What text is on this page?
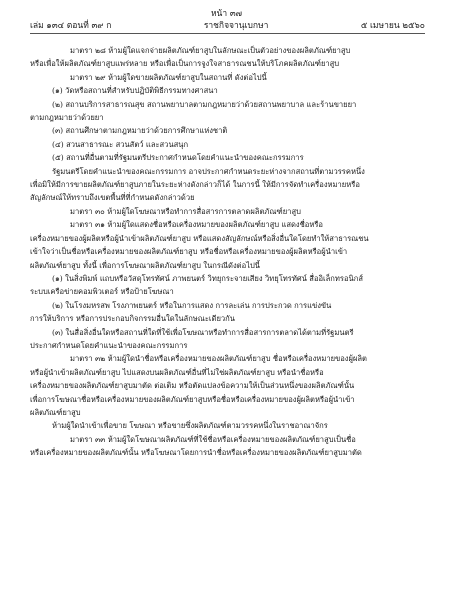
หน้า ๓๗
เล่ม ๑๓๔ ตอนที่ ๓๙ ก	ราชกิจจานุเบกษา	๕ เมษายน ๒๕๖๐
มาตรา ๒๘ ห้ามผู้ใดแจกจ่ายผลิตภัณฑ์ยาสูบในลักษณะเป็นตัวอย่างของผลิตภัณฑ์ยาสูบ
หรือเพื่อให้ผลิตภัณฑ์ยาสูบแพร่หลาย หรือเพื่อเป็นการจูงใจสาธารณชนให้บริโภคผลิตภัณฑ์ยาสูบ
มาตรา ๒๙ ห้ามผู้ใดขายผลิตภัณฑ์ยาสูบในสถานที่ ดังต่อไปนี้
(๑) วัดหรือสถานที่สำหรับปฏิบัติพิธีกรรมทางศาสนา
(๒) สถานบริการสาธารณสุข สถานพยาบาลตามกฎหมายว่าด้วยสถานพยาบาล และร้านขายยา
ตามกฎหมายว่าด้วยยา
(๓) สถานศึกษาตามกฎหมายว่าด้วยการศึกษาแห่งชาติ
(๔) สวนสาธารณะ สวนสัตว์ และสวนสนุก
(๕) สถานที่อื่นตามที่รัฐมนตรีประกาศกำหนดโดยคำแนะนำของคณะกรรมการ
รัฐมนตรีโดยคำแนะนำของคณะกรรมการ อาจประกาศกำหนดระยะห่างจากสถานที่ตามวรรคหนึ่ง
เพื่อมิให้มีการขายผลิตภัณฑ์ยาสูบภายในระยะห่างดังกล่าวก็ได้ ในการนี้ ให้มีการจัดทำเครื่องหมายหรือ
สัญลักษณ์ให้ทราบถึงเขตพื้นที่ที่กำหนดดังกล่าวด้วย
มาตรา ๓๐ ห้ามผู้ใดโฆษณาหรือทำการสื่อสารการตลาดผลิตภัณฑ์ยาสูบ
มาตรา ๓๑ ห้ามผู้ใดแสดงชื่อหรือเครื่องหมายของผลิตภัณฑ์ยาสูบ แสดงชื่อหรือ
เครื่องหมายของผู้ผลิตหรือผู้นำเข้าผลิตภัณฑ์ยาสูบ หรือแสดงสัญลักษณ์หรือสิ่งอื่นใดโดยทำให้สาธารณชน
เข้าใจว่าเป็นชื่อหรือเครื่องหมายของผลิตภัณฑ์ยาสูบ หรือชื่อหรือเครื่องหมายของผู้ผลิตหรือผู้นำเข้า
ผลิตภัณฑ์ยาสูบ ทั้งนี้ เพื่อการโฆษณาผลิตภัณฑ์ยาสูบ ในกรณีดังต่อไปนี้
(๑) ในสิ่งพิมพ์ แถบหรือวัสดุโทรทัศน์ ภาพยนตร์ วิทยุกระจายเสียง วิทยุโทรทัศน์ สื่ออิเล็กทรอนิกส์
ระบบเครือข่ายคอมพิวเตอร์ หรือป้ายโฆษณา
(๒) ในโรงมหรสพ โรงภาพยนตร์ หรือในการแสดง การละเล่น การประกวด การแข่งขัน
การให้บริการ หรือการประกอบกิจกรรมอื่นใดในลักษณะเดียวกัน
(๓) ในสื่อสิ่งอื่นใดหรือสถานที่ใดที่ใช้เพื่อโฆษณาหรือทำการสื่อสารการตลาดได้ตามที่รัฐมนตรี
ประกาศกำหนดโดยคำแนะนำของคณะกรรมการ
มาตรา ๓๒ ห้ามผู้ใดนำชื่อหรือเครื่องหมายของผลิตภัณฑ์ยาสูบ ชื่อหรือเครื่องหมายของผู้ผลิต
หรือผู้นำเข้าผลิตภัณฑ์ยาสูบ ไปแสดงบนผลิตภัณฑ์อื่นที่ไม่ใช่ผลิตภัณฑ์ยาสูบ หรือนำชื่อหรือ
เครื่องหมายของผลิตภัณฑ์ยาสูบมาตัด ต่อเติม หรือตัดแปลงข้อความให้เป็นส่วนหนึ่งของผลิตภัณฑ์นั้น
เพื่อการโฆษณาชื่อหรือเครื่องหมายของผลิตภัณฑ์ยาสูบหรือชื่อหรือเครื่องหมายของผู้ผลิตหรือผู้นำเข้า
ผลิตภัณฑ์ยาสูบ
ห้ามผู้ใดนำเข้าเพื่อขาย โฆษณา หรือขายซึ่งผลิตภัณฑ์ตามวรรคหนึ่งในราชอาณาจักร
มาตรา ๓๓ ห้ามผู้ใดโฆษณาผลิตภัณฑ์ที่ใช้ชื่อหรือเครื่องหมายของผลิตภัณฑ์ยาสูบเป็นชื่อ
หรือเครื่องหมายของผลิตภัณฑ์นั้น หรือโฆษณาโดยการนำชื่อหรือเครื่องหมายของผลิตภัณฑ์ยาสูบมาตัด
